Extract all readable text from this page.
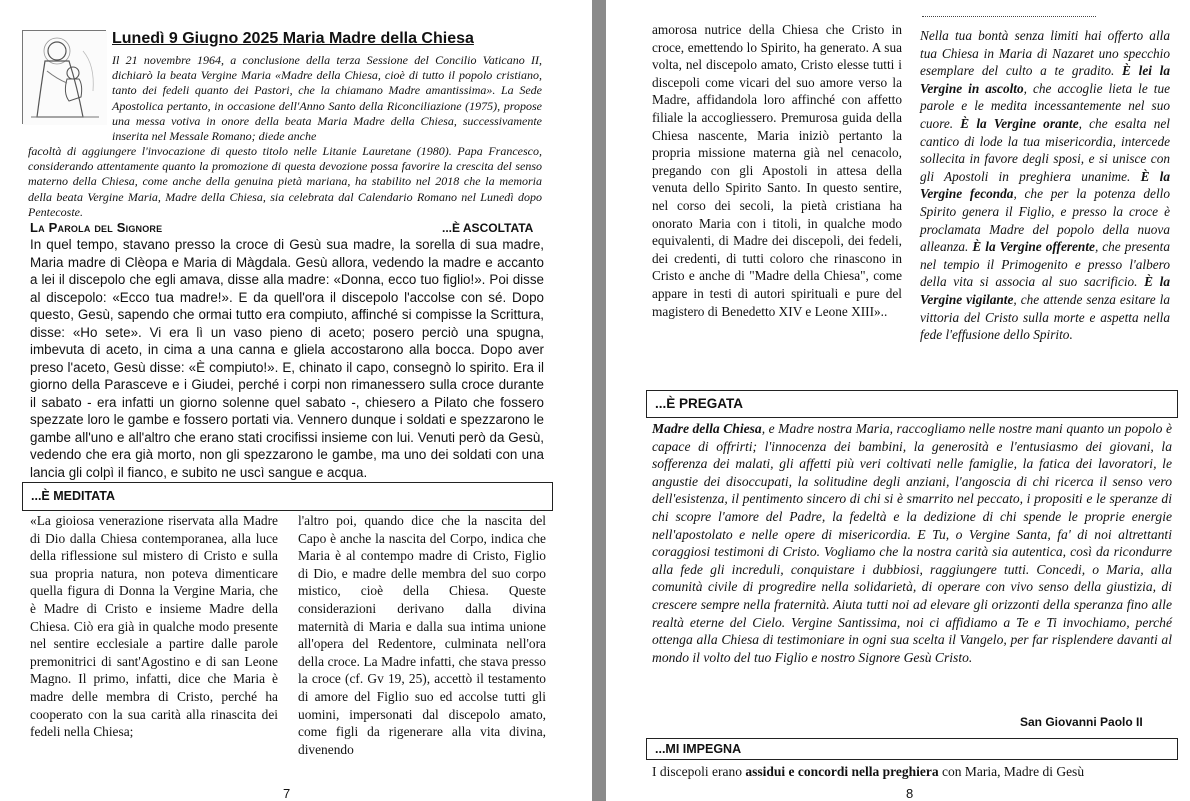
Lunedì 9 Giugno 2025 Maria Madre della Chiesa
Il 21 novembre 1964, a conclusione della terza Sessione del Concilio Vaticano II, dichiarò la beata Vergine Maria «Madre della Chiesa, cioè di tutto il popolo cristiano, tanto dei fedeli quanto dei Pastori, che la chiamano Madre amantissima». La Sede Apostolica pertanto, in occasione dell'Anno Santo della Riconciliazione (1975), propose una messa votiva in onore della beata Maria Madre della Chiesa, successivamente inserita nel Messale Romano; diede anche
facoltà di aggiungere l'invocazione di questo titolo nelle Litanie Lauretane (1980). Papa Francesco, considerando attentamente quanto la promozione di questa devozione possa favorire la crescita del senso materno della Chiesa, come anche della genuina pietà mariana, ha stabilito nel 2018 che la memoria della beata Vergine Maria, Madre della Chiesa, sia celebrata dal Calendario Romano nel Lunedì dopo Pentecoste.
La Parola del Signore	...È ASCOLTATA
In quel tempo, stavano presso la croce di Gesù sua madre, la sorella di sua madre, Maria madre di Clèopa e Maria di Màgdala. Gesù allora, vedendo la madre e accanto a lei il discepolo che egli amava, disse alla madre: «Donna, ecco tuo figlio!». Poi disse al discepolo: «Ecco tua madre!». E da quell'ora il discepolo l'accolse con sé. Dopo questo, Gesù, sapendo che ormai tutto era compiuto, affinché si compisse la Scrittura, disse: «Ho sete». Vi era lì un vaso pieno di aceto; posero perciò una spugna, imbevuta di aceto, in cima a una canna e gliela accostarono alla bocca. Dopo aver preso l'aceto, Gesù disse: «È compiuto!». E, chinato il capo, consegnò lo spirito. Era il giorno della Parasceve e i Giudei, perché i corpi non rimanessero sulla croce durante il sabato - era infatti un giorno solenne quel sabato -, chiesero a Pilato che fossero spezzate loro le gambe e fossero portati via. Vennero dunque i soldati e spezzarono le gambe all'uno e all'altro che erano stati crocifissi insieme con lui. Venuti però da Gesù, vedendo che era già morto, non gli spezzarono le gambe, ma uno dei soldati con una lancia gli colpì il fianco, e subito ne uscì sangue e acqua.
...È MEDITATA
«La gioiosa venerazione riservata alla Madre di Dio dalla Chiesa contemporanea, alla luce della riflessione sul mistero di Cristo e sulla sua propria natura, non poteva dimenticare quella figura di Donna la Vergine Maria, che è Madre di Cristo e insieme Madre della Chiesa. Ciò era già in qualche modo presente nel sentire ecclesiale a partire dalle parole premonitrici di sant'Agostino e di san Leone Magno. Il primo, infatti, dice che Maria è madre delle membra di Cristo, perché ha cooperato con la sua carità alla rinascita dei fedeli nella Chiesa;
l'altro poi, quando dice che la nascita del Capo è anche la nascita del Corpo, indica che Maria è al contempo madre di Cristo, Figlio di Dio, e madre delle membra del suo corpo mistico, cioè della Chiesa. Queste considerazioni derivano dalla divina maternità di Maria e dalla sua intima unione all'opera del Redentore, culminata nell'ora della croce. La Madre infatti, che stava presso la croce (cf. Gv 19, 25), accettò il testamento di amore del Figlio suo ed accolse tutti gli uomini, impersonati dal discepolo amato, come figli da rigenerare alla vita divina, divenendo
7
amorosa nutrice della Chiesa che Cristo in croce, emettendo lo Spirito, ha generato. A sua volta, nel discepolo amato, Cristo elesse tutti i discepoli come vicari del suo amore verso la Madre, affidandola loro affinché con affetto filiale la accogliessero. Premurosa guida della Chiesa nascente, Maria iniziò pertanto la propria missione materna già nel cenacolo, pregando con gli Apostoli in attesa della venuta dello Spirito Santo. In questo sentire, nel corso dei secoli, la pietà cristiana ha onorato Maria con i titoli, in qualche modo equivalenti, di Madre dei discepoli, dei fedeli, dei credenti, di tutti coloro che rinascono in Cristo e anche di "Madre della Chiesa", come appare in testi di autori spirituali e pure del magistero di Benedetto XIV e Leone XIII»..
Nella tua bontà senza limiti hai offerto alla tua Chiesa in Maria di Nazaret uno specchio esemplare del culto a te gradito. È lei la Vergine in ascolto, che accoglie lieta le tue parole e le medita incessantemente nel suo cuore. È la Vergine orante, che esalta nel cantico di lode la tua misericordia, intercede sollecita in favore degli sposi, e si unisce con gli Apostoli in preghiera unanime. È la Vergine feconda, che per la potenza dello Spirito genera il Figlio, e presso la croce è proclamata Madre del popolo della nuova alleanza. È la Vergine offerente, che presenta nel tempio il Primogenito e presso l'albero della vita si associa al suo sacrificio. È la Vergine vigilante, che attende senza esitare la vittoria del Cristo sulla morte e aspetta nella fede l'effusione dello Spirito.
...È PREGATA
Madre della Chiesa, e Madre nostra Maria, raccogliamo nelle nostre mani quanto un popolo è capace di offrirti; l'innocenza dei bambini, la generosità e l'entusiasmo dei giovani, la sofferenza dei malati, gli affetti più veri coltivati nelle famiglie, la fatica dei lavoratori, le angustie dei disoccupati, la solitudine degli anziani, l'angoscia di chi ricerca il senso vero dell'esistenza, il pentimento sincero di chi si è smarrito nel peccato, i propositi e le speranze di chi scopre l'amore del Padre, la fedeltà e la dedizione di chi spende le proprie energie nell'apostolato e nelle opere di misericordia. E Tu, o Vergine Santa, fa' di noi altrettanti coraggiosi testimoni di Cristo. Vogliamo che la nostra carità sia autentica, così da ricondurre alla fede gli increduli, conquistare i dubbiosi, raggiungere tutti. Concedi, o Maria, alla comunità civile di progredire nella solidarietà, di operare con vivo senso della giustizia, di crescere sempre nella fraternità. Aiuta tutti noi ad elevare gli orizzonti della speranza fino alle realtà eterne del Cielo. Vergine Santissima, noi ci affidiamo a Te e Ti invochiamo, perché ottenga alla Chiesa di testimoniare in ogni sua scelta il Vangelo, per far risplendere davanti al mondo il volto del tuo Figlio e nostro Signore Gesù Cristo.
San Giovanni Paolo II
...MI IMPEGNA
I discepoli erano assidui e concordi nella preghiera con Maria, Madre di Gesù
8
